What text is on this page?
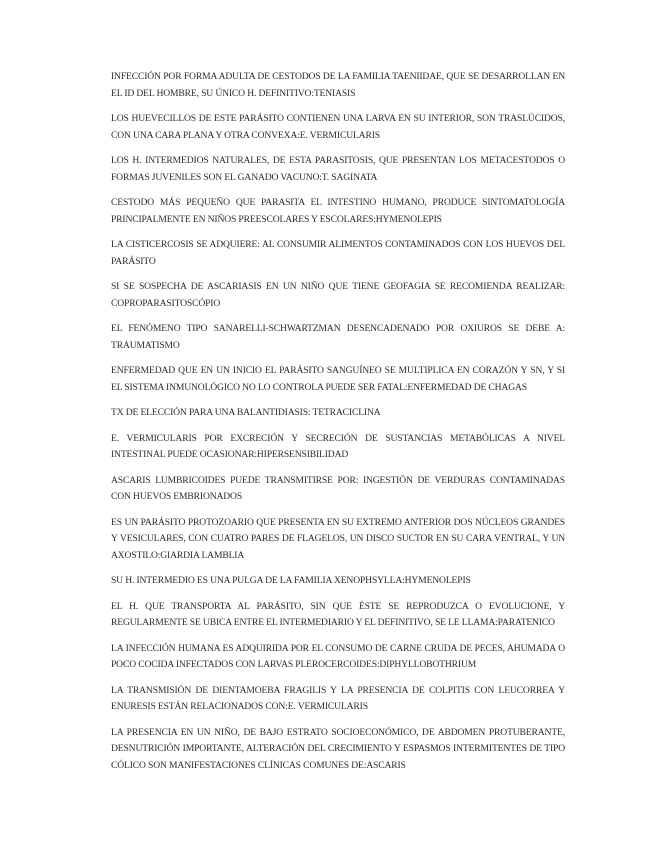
INFECCIÓN POR FORMA ADULTA DE CESTODOS DE LA FAMILIA TAENIIDAE, QUE SE DESARROLLAN EN EL ID DEL HOMBRE, SU ÚNICO H. DEFINITIVO:TENIASIS

LOS HUEVECILLOS DE ESTE PARÁSITO CONTIENEN UNA LARVA EN SU INTERIOR, SON TRASLÚCIDOS, CON UNA CARA PLANA Y OTRA CONVEXA:E. VERMICULARIS

LOS H. INTERMEDIOS NATURALES, DE ESTA PARASITOSIS, QUE PRESENTAN LOS METACESTODOS O FORMAS JUVENILES SON EL GANADO VACUNO:T. SAGINATA

CESTODO MÁS PEQUEÑO QUE PARASITA EL INTESTINO HUMANO, PRODUCE SINTOMATOLOGÍA PRINCIPALMENTE EN NIÑOS PREESCOLARES Y ESCOLARES:HYMENOLEPIS

LA CISTICERCOSIS SE ADQUIERE: AL CONSUMIR ALIMENTOS CONTAMINADOS CON LOS HUEVOS DEL PARÁSITO

SI SE SOSPECHA DE ASCARIASIS EN UN NIÑO QUE TIENE GEOFAGIA SE RECOMIENDA REALIZAR: COPROPARASITOSCÓPIO

EL FENÓMENO TIPO SANARELLI-SCHWARTZMAN DESENCADENADO POR OXIUROS SE DEBE A: TRAUMATISMO

ENFERMEDAD QUE EN UN INICIO EL PARÁSITO SANGUÍNEO SE MULTIPLICA EN CORAZÓN Y SN, Y SI EL SISTEMA INMUNOLÓGICO NO LO CONTROLA PUEDE SER FATAL:ENFERMEDAD DE CHAGAS

TX DE ELECCIÓN PARA UNA BALANTIDIASIS: TETRACICLINA

E. VERMICULARIS POR EXCRECIÓN Y SECRECIÓN DE SUSTANCIAS METABÓLICAS A NIVEL INTESTINAL PUEDE OCASIONAR:HIPERSENSIBILIDAD

ASCARIS LUMBRICOIDES PUEDE TRANSMITIRSE POR: INGESTIÓN DE VERDURAS CONTAMINADAS CON HUEVOS EMBRIONADOS

ES UN PARÁSITO PROTOZOARIO QUE PRESENTA EN SU EXTREMO ANTERIOR DOS NÚCLEOS GRANDES Y VESICULARES, CON CUATRO PARES DE FLAGELOS, UN DISCO SUCTOR EN SU CARA VENTRAL, Y UN AXOSTILO:GIARDIA LAMBLIA

SU H. INTERMEDIO ES UNA PULGA DE LA FAMILIA XENOPHSYLLA:HYMENOLEPIS

EL H. QUE TRANSPORTA AL PARÁSITO, SIN QUE ÉSTE SE REPRODUZCA O EVOLUCIONE, Y REGULARMENTE SE UBICA ENTRE EL INTERMEDIARIO Y EL DEFINITIVO, SE LE LLAMA:PARATENICO

LA INFECCIÓN HUMANA ES ADQUIRIDA POR EL CONSUMO DE CARNE CRUDA DE PECES, AHUMADA O POCO COCIDA INFECTADOS CON LARVAS PLEROCERCOIDES:DIPHYLLOBOTHRIUM

LA TRANSMISIÓN DE DIENTAMOEBA FRAGILIS Y LA PRESENCIA DE COLPITIS CON LEUCORREA Y ENURESIS ESTÁN RELACIONADOS CON:E. VERMICULARIS

LA PRESENCIA EN UN NIÑO, DE BAJO ESTRATO SOCIOECONÓMICO, DE ABDOMEN PROTUBERANTE, DESNUTRICIÓN IMPORTANTE, ALTERACIÓN DEL CRECIMIENTO Y ESPASMOS INTERMITENTES DE TIPO CÓLICO SON MANIFESTACIONES CLÍNICAS COMUNES DE:ASCARIS
